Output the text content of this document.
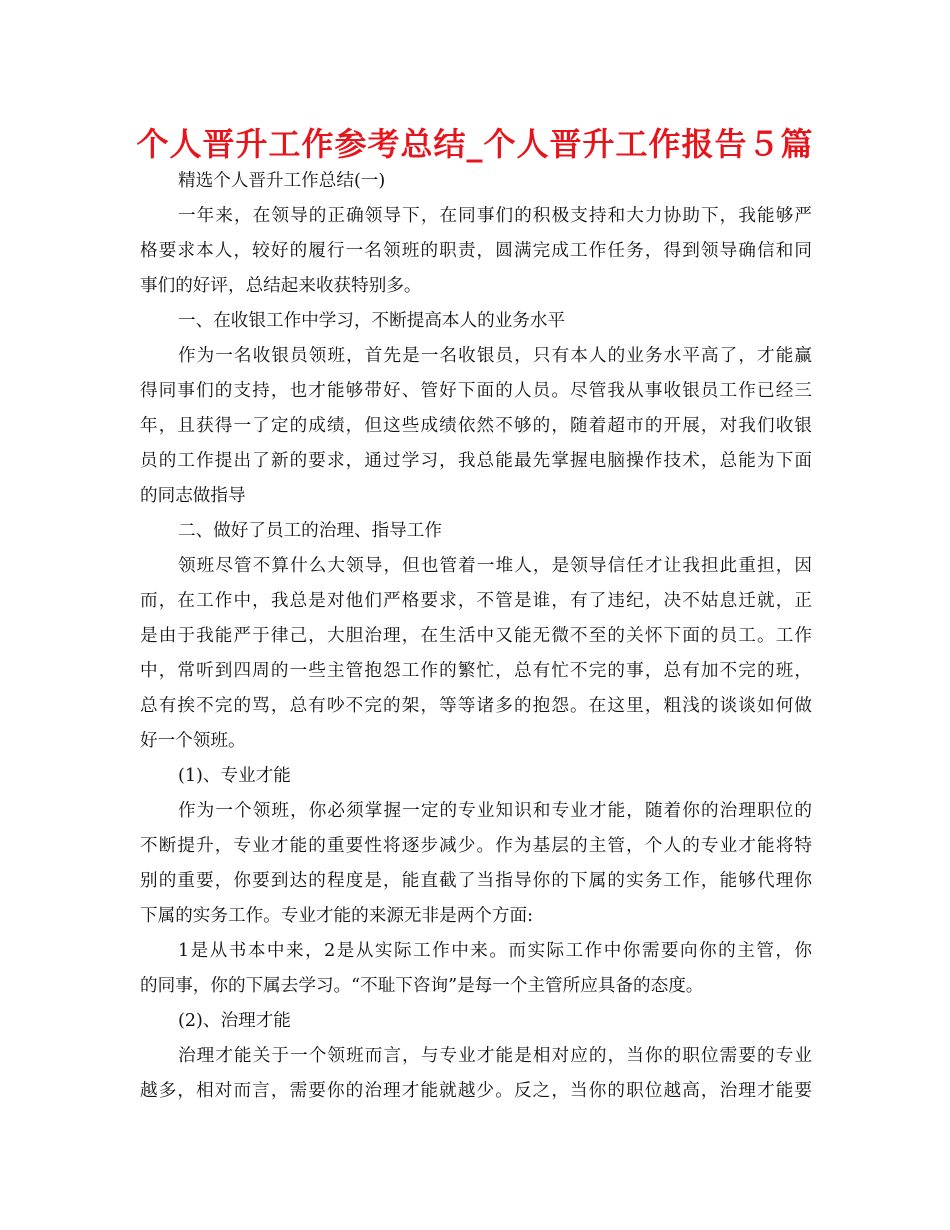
个人晋升工作参考总结_个人晋升工作报告５篇
精选个人晋升工作总结(一)
一年来，在领导的正确领导下，在同事们的积极支持和大力协助下，我能够严
格要求本人，较好的履行一名领班的职责，圆满完成工作任务，得到领导确信和同
事们的好评，总结起来收获特别多。
一、在收银工作中学习，不断提高本人的业务水平
作为一名收银员领班，首先是一名收银员，只有本人的业务水平高了，才能赢
得同事们的支持，也才能够带好、管好下面的人员。尽管我从事收银员工作已经三
年，且获得一了定的成绩，但这些成绩依然不够的，随着超市的开展，对我们收银
员的工作提出了新的要求，通过学习，我总能最先掌握电脑操作技术，总能为下面
的同志做指导
二、做好了员工的治理、指导工作
领班尽管不算什么大领导，但也管着一堆人，是领导信任才让我担此重担，因
而，在工作中，我总是对他们严格要求，不管是谁，有了违纪，决不姑息迁就，正
是由于我能严于律己，大胆治理，在生活中又能无微不至的关怀下面的员工。工作
中，常听到四周的一些主管抱怨工作的繁忙，总有忙不完的事，总有加不完的班，
总有挨不完的骂，总有吵不完的架，等等诸多的抱怨。在这里，粗浅的谈谈如何做
好一个领班。
(1)、专业才能
作为一个领班，你必须掌握一定的专业知识和专业才能，随着你的治理职位的
不断提升，专业才能的重要性将逐步减少。作为基层的主管，个人的专业才能将特
别的重要，你要到达的程度是，能直截了当指导你的下属的实务工作，能够代理你
下属的实务工作。专业才能的来源无非是两个方面:
1是从书本中来，2是从实际工作中来。而实际工作中你需要向你的主管，你
的同事，你的下属去学习。“不耻下咨询”是每一个主管所应具备的态度。
(2)、治理才能
治理才能关于一个领班而言，与专业才能是相对应的，当你的职位需要的专业
越多，相对而言，需要你的治理才能就越少。反之，当你的职位越高，治理才能要
